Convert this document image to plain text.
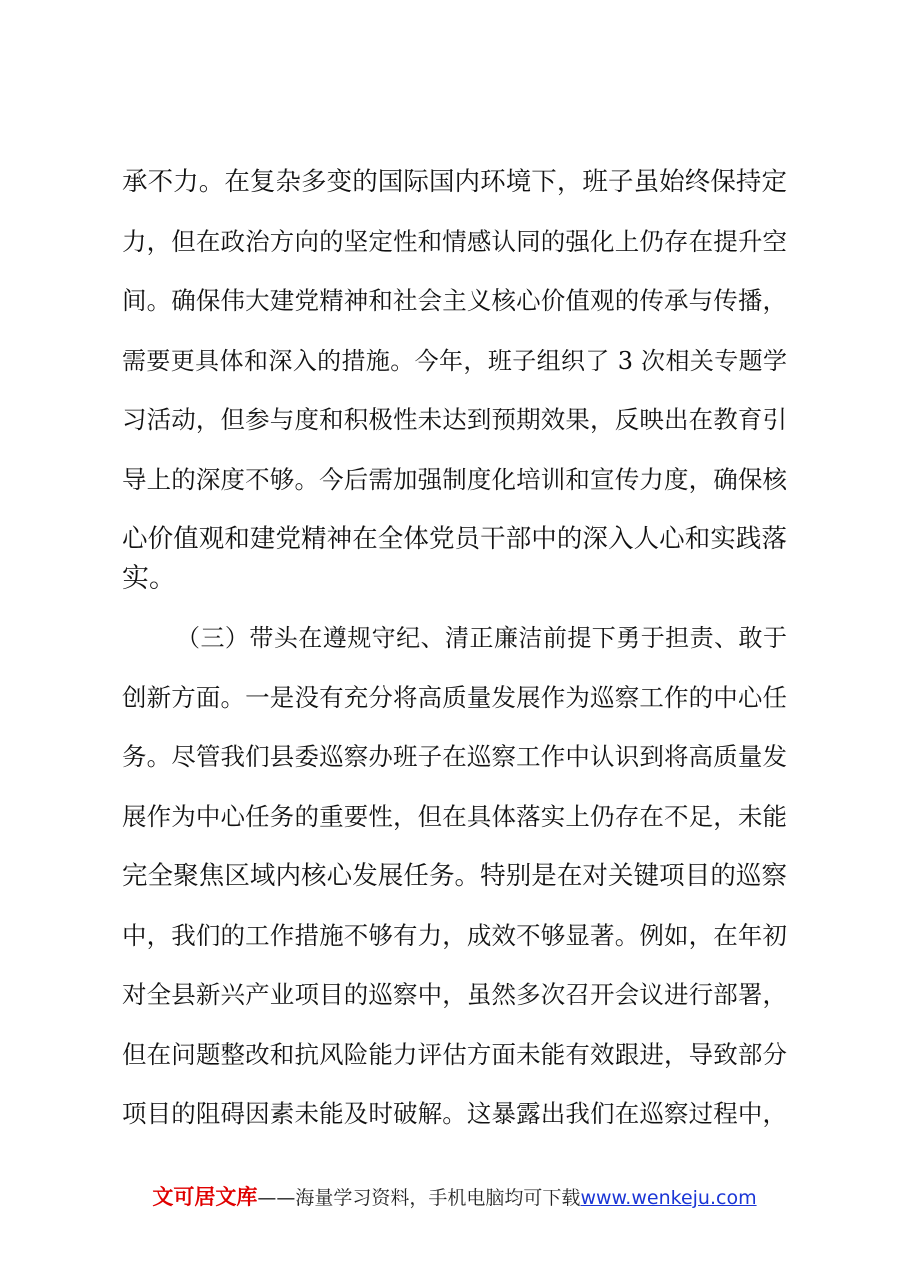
承不力。在复杂多变的国际国内环境下，班子虽始终保持定
力，但在政治方向的坚定性和情感认同的强化上仍存在提升空
间。确保伟大建党精神和社会主义核心价值观的传承与传播，
需要更具体和深入的措施。今年，班子组织了 3 次相关专题学
习活动，但参与度和积极性未达到预期效果，反映出在教育引
导上的深度不够。今后需加强制度化培训和宣传力度，确保核
心价值观和建党精神在全体党员干部中的深入人心和实践落
实。
（三）带头在遵规守纪、清正廉洁前提下勇于担责、敢于
创新方面。一是没有充分将高质量发展作为巡察工作的中心任
务。尽管我们县委巡察办班子在巡察工作中认识到将高质量发
展作为中心任务的重要性，但在具体落实上仍存在不足，未能
完全聚焦区域内核心发展任务。特别是在对关键项目的巡察
中，我们的工作措施不够有力，成效不够显著。例如，在年初
对全县新兴产业项目的巡察中，虽然多次召开会议进行部署，
但在问题整改和抗风险能力评估方面未能有效跟进，导致部分
项目的阻碍因素未能及时破解。这暴露出我们在巡察过程中，
文可居文库——海量学习资料，手机电脑均可下载www.wenkeju.com
